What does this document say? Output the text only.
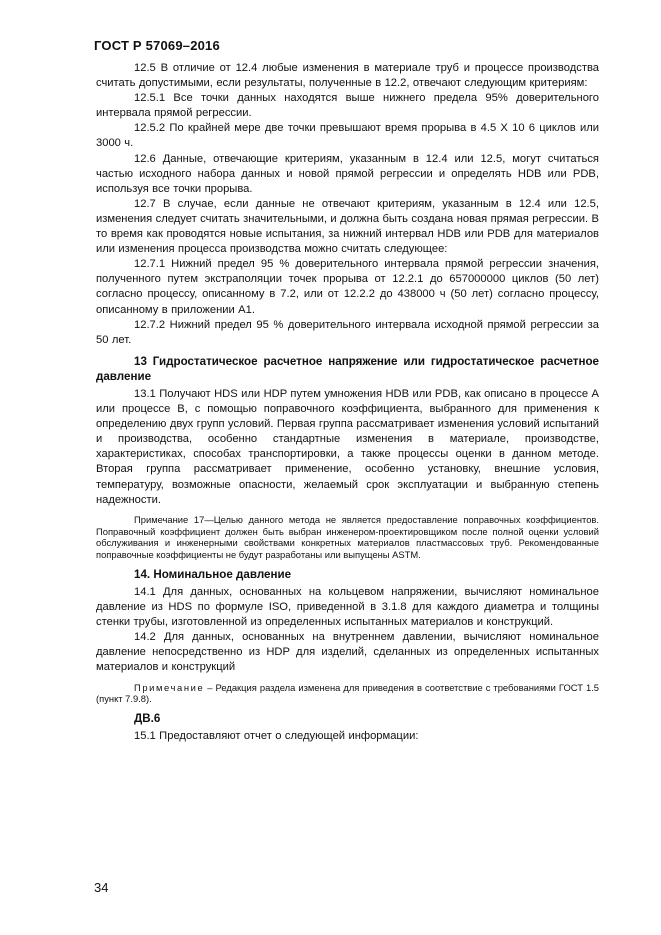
ГОСТ Р 57069–2016

12.5 В отличие от 12.4 любые изменения в материале труб и процессе производства считать допустимыми, если результаты, полученные в 12.2, отвечают следующим критериям:

12.5.1 Все точки данных находятся выше нижнего предела 95% доверительного интервала прямой регрессии.

12.5.2 По крайней мере две точки превышают время прорыва в 4.5 Х 10 6 циклов или 3000 ч.

12.6 Данные, отвечающие критериям, указанным в 12.4 или 12.5, могут считаться частью исходного набора данных и новой прямой регрессии и определять HDB или PDB, используя все точки прорыва.

12.7 В случае, если данные не отвечают критериям, указанным в 12.4 или 12.5, изменения следует считать значительными, и должна быть создана новая прямая регрессии. В то время как проводятся новые испытания, за нижний интервал HDB или PDB для материалов или изменения процесса производства можно считать следующее:

12.7.1 Нижний предел 95 % доверительного интервала прямой регрессии значения, полученного путем экстраполяции точек прорыва от 12.2.1 до 657000000 циклов (50 лет) согласно процессу, описанному в 7.2, или от 12.2.2 до 438000 ч (50 лет) согласно процессу, описанному в приложении А1.

12.7.2 Нижний предел 95 % доверительного интервала исходной прямой регрессии за 50 лет.

13 Гидростатическое расчетное напряжение или гидростатическое расчетное давление

13.1 Получают HDS или HDP путем умножения HDB или PDB, как описано в процессе А или процессе В, с помощью поправочного коэффициента, выбранного для применения к определению двух групп условий. Первая группа рассматривает изменения условий испытаний и производства, особенно стандартные изменения в материале, производстве, характеристиках, способах транспортировки, а также процессы оценки в данном методе. Вторая группа рассматривает применение, особенно установку, внешние условия, температуру, возможные опасности, желаемый срок эксплуатации и выбранную степень надежности.

Примечание 17—Целью данного метода не является предоставление поправочных коэффициентов. Поправочный коэффициент должен быть выбран инженером-проектировщиком после полной оценки условий обслуживания и инженерными свойствами конкретных материалов пластмассовых труб. Рекомендованные поправочные коэффициенты не будут разработаны или выпущены ASTM.

14. Номинальное давление

14.1 Для данных, основанных на кольцевом напряжении, вычисляют номинальное давление из HDS по формуле ISO, приведенной в 3.1.8 для каждого диаметра и толщины стенки трубы, изготовленной из определенных испытанных материалов и конструкций.

14.2 Для данных, основанных на внутреннем давлении, вычисляют номинальное давление непосредственно из HDP для изделий, сделанных из определенных испытанных материалов и конструкций

Примечание – Редакция раздела изменена для приведения в соответствие с требованиями ГОСТ 1.5 (пункт 7.9.8).

ДВ.6

15.1 Предоставляют отчет о следующей информации:

34
